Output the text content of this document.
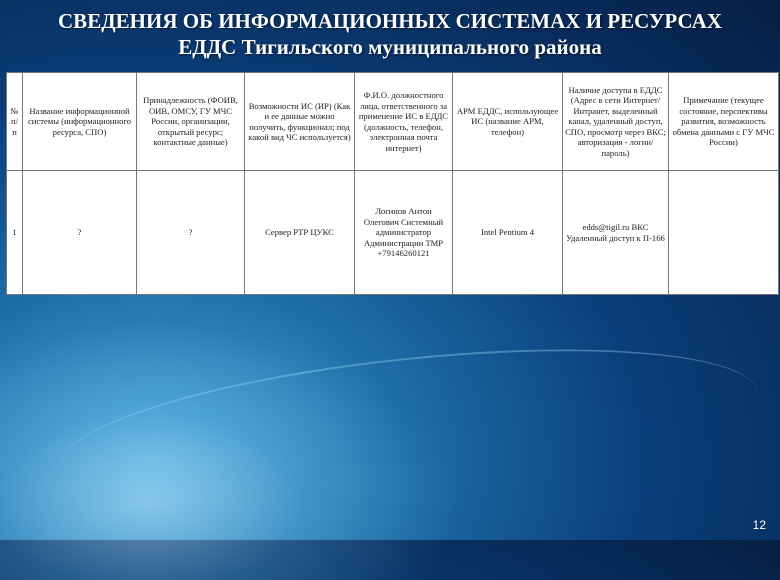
СВЕДЕНИЯ ОБ ИНФОРМАЦИОННЫХ СИСТЕМАХ И РЕСУРСАХ
ЕДДС Тигильского муниципального района
№ п/п	Название информационной системы (информационного ресурса, СПО)	Принадлежность (ФОИВ, ОИВ, ОМСУ, ГУ МЧС России, организации, открытый ресурс; контактные данные)	Возможности ИС (ИР) (Как и ее данные можно получить, функционал; под какой вид ЧС используется)	Ф.И.О. должностного лица, ответственного за применение ИС в ЕДДС (должность, телефон, электронная почта интернет)	АРМ ЕДДС, использующее ИС (название АРМ, телефон)	Наличие доступа в ЕДДС (Адрес в сети Интернет/Интранет, выделенный канал, удаленный доступ, СПО, просмотр через ВКС; авторизация - логин/пароль)	Примечание (текущее состояние, перспективы развития, возможность обмена данными с ГУ МЧС России)
1	?	?	Сервер РТР ЦУКС	Логинов Антон Олегович Системный администратор Администрации ТМР +79146260121	Intel Pentium 4	edds@tigil.ru ВКС Удаленный доступ к П-166	
12
